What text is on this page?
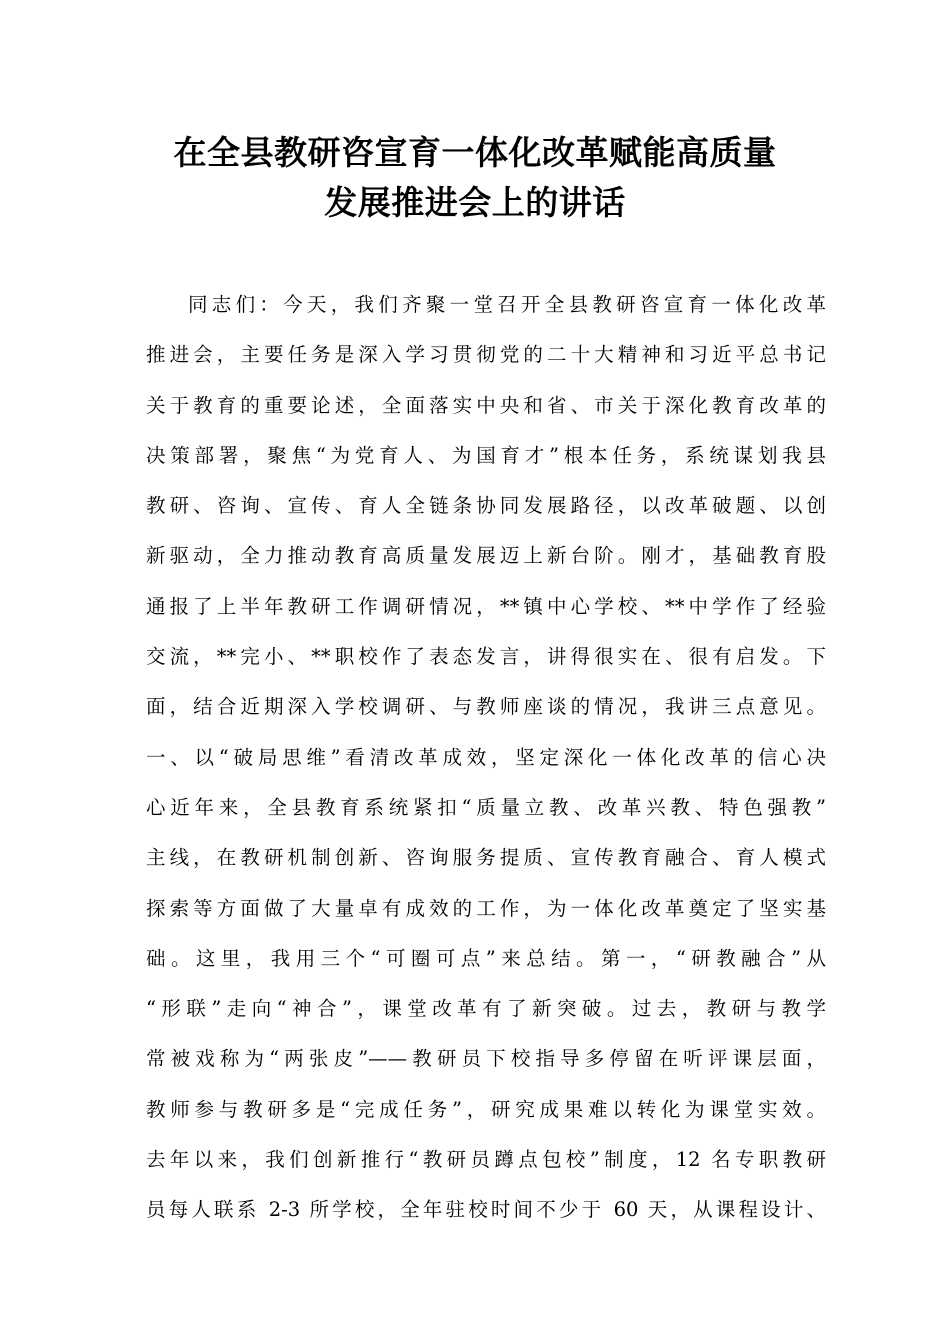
在全县教研咨宣育一体化改革赋能高质量
发展推进会上的讲话
同志们：今天，我们齐聚一堂召开全县教研咨宣育一体化改革
推进会，主要任务是深入学习贯彻党的二十大精神和习近平总书记
关于教育的重要论述，全面落实中央和省、市关于深化教育改革的
决策部署，聚焦“为党育人、为国育才”根本任务，系统谋划我县
教研、咨询、宣传、育人全链条协同发展路径，以改革破题、以创
新驱动，全力推动教育高质量发展迈上新台阶。刚才，基础教育股
通报了上半年教研工作调研情况，**镇中心学校、**中学作了经验
交流，**完小、**职校作了表态发言，讲得很实在、很有启发。下
面，结合近期深入学校调研、与教师座谈的情况，我讲三点意见。
一、以“破局思维”看清改革成效，坚定深化一体化改革的信心决
心近年来，全县教育系统紧扣“质量立教、改革兴教、特色强教”
主线，在教研机制创新、咨询服务提质、宣传教育融合、育人模式
探索等方面做了大量卓有成效的工作，为一体化改革奠定了坚实基
础。这里，我用三个“可圈可点”来总结。第一，“研教融合”从
“形联”走向“神合”，课堂改革有了新突破。过去，教研与教学
常被戏称为“两张皮”——教研员下校指导多停留在听评课层面，
教师参与教研多是“完成任务”，研究成果难以转化为课堂实效。
去年以来，我们创新推行“教研员蹲点包校”制度，12 名专职教研
员每人联系 2-3 所学校，全年驻校时间不少于 60 天，从课程设计、
